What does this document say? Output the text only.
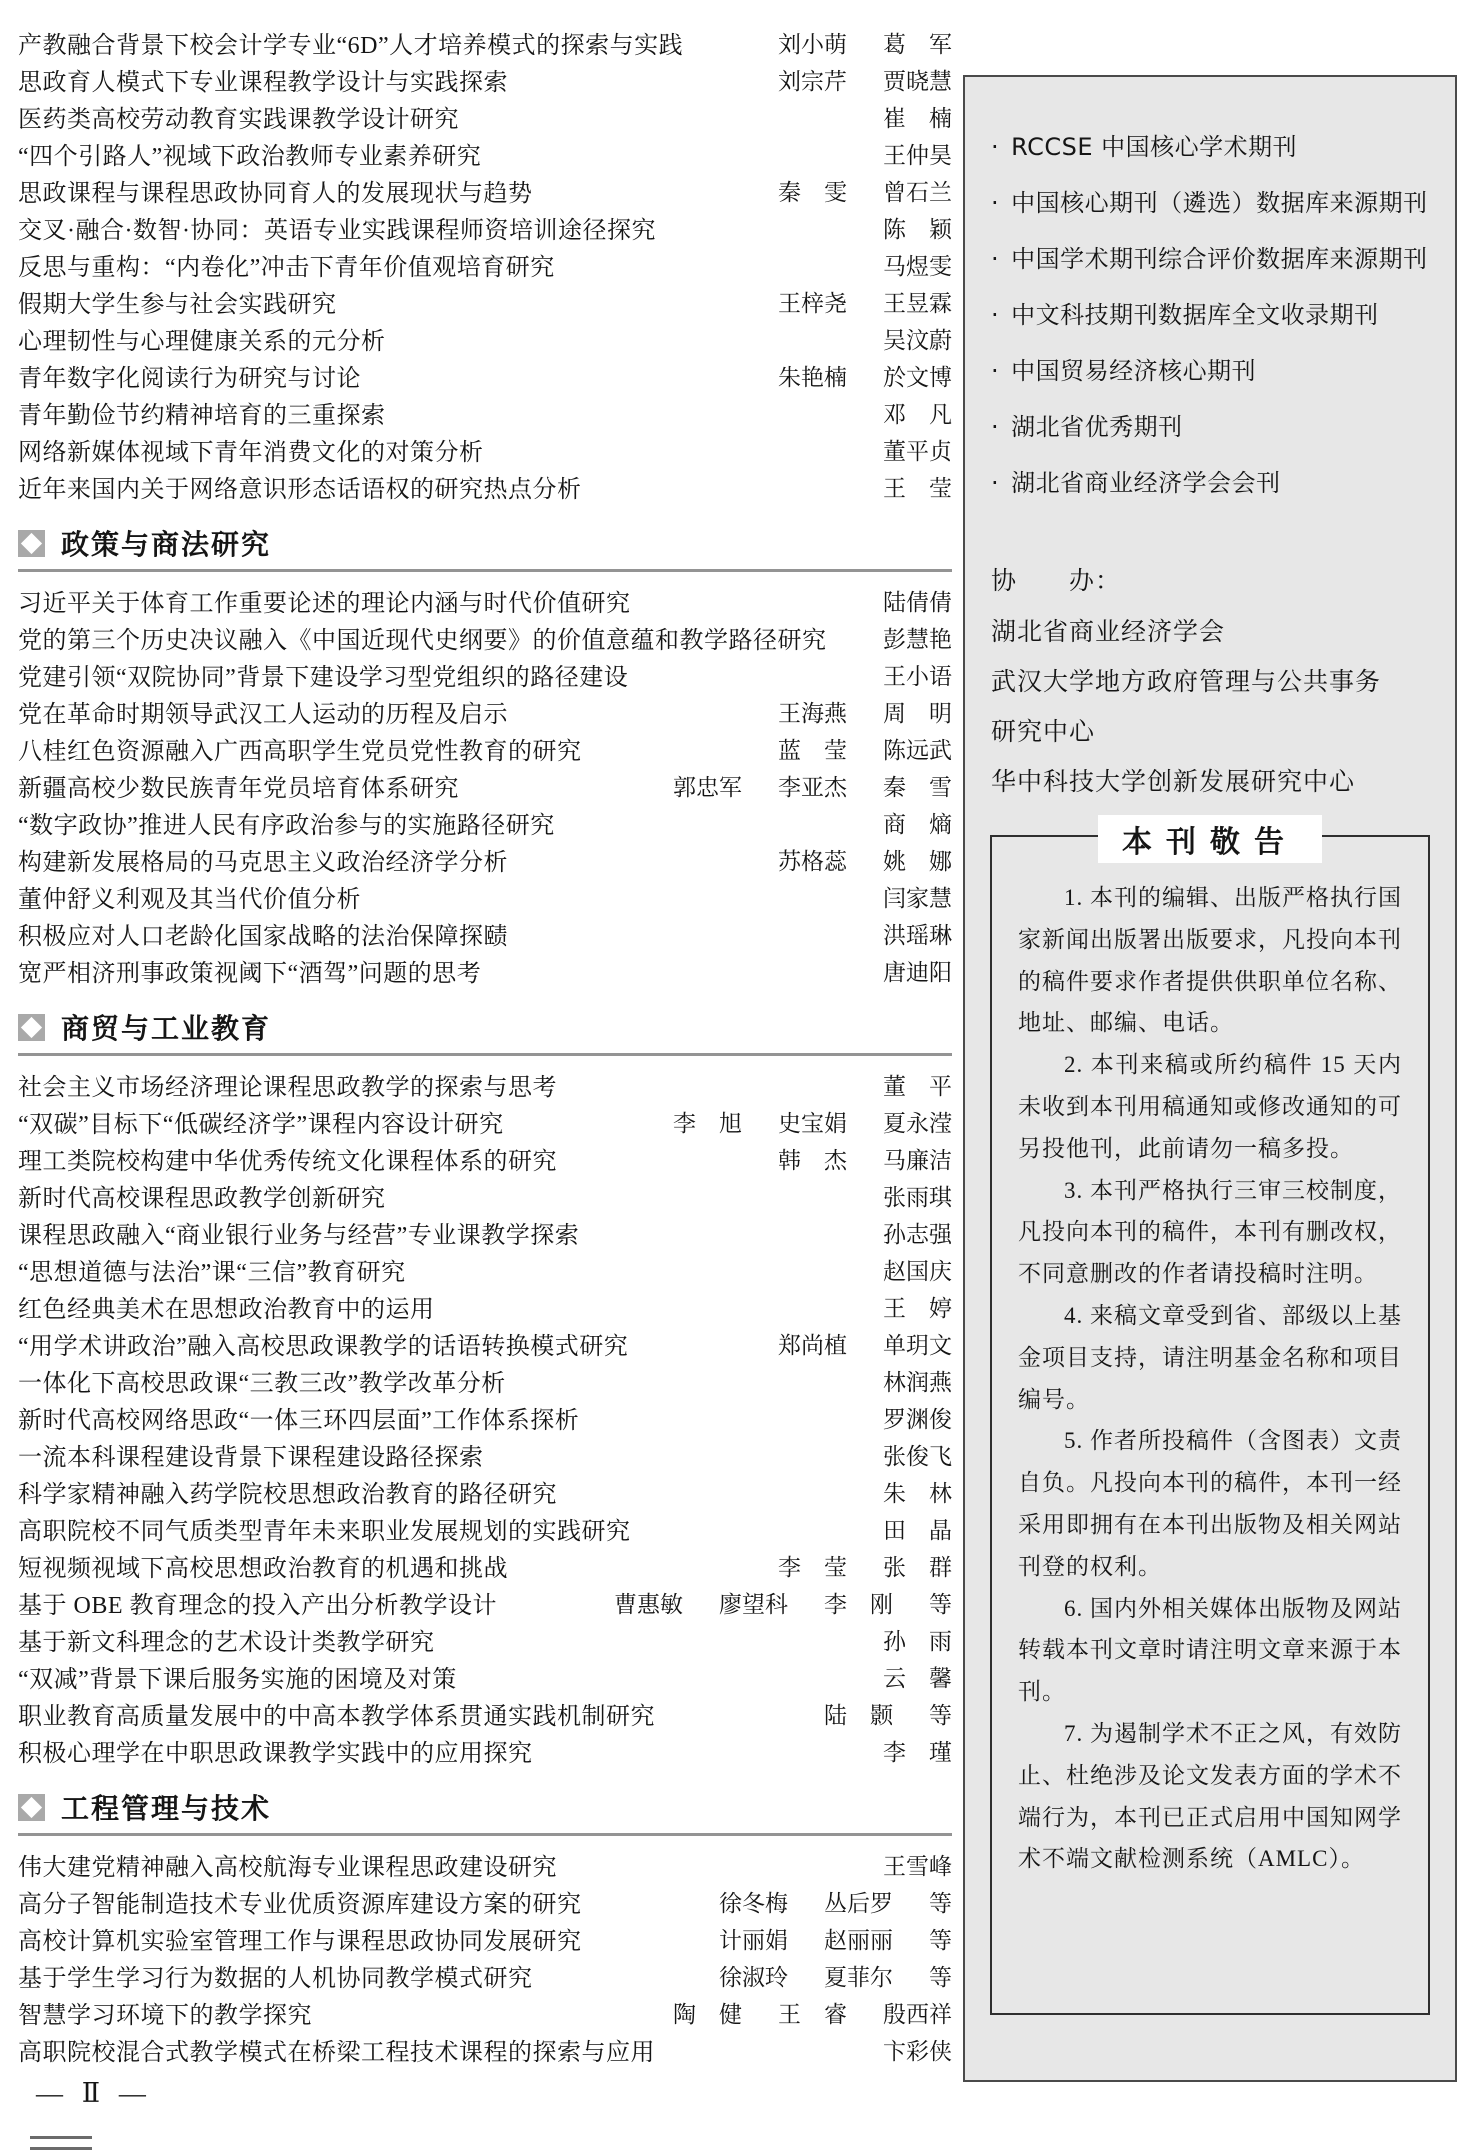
产教融合背景下校会计学专业“6D”人才培养模式的探索与实践	刘小萌 葛　军
思政育人模式下专业课程教学设计与实践探索	刘宗芹 贾晓慧
医药类高校劳动教育实践课教学设计研究	崔　楠
“四个引路人”视域下政治教师专业素养研究	王仲昊
思政课程与课程思政协同育人的发展现状与趋势	秦　雯 曾石兰
交叉·融合·数智·协同：英语专业实践课程师资培训途径探究	陈　颖
反思与重构：“内卷化”冲击下青年价值观培育研究	马煜雯
假期大学生参与社会实践研究	王梓尧 王昱霖
心理韧性与心理健康关系的元分析	吴汶蔚
青年数字化阅读行为研究与讨论	朱艳楠 於文博
青年勤俭节约精神培育的三重探索	邓　凡
网络新媒体视域下青年消费文化的对策分析	董平贞
近年来国内关于网络意识形态话语权的研究热点分析	王　莹
政策与商法研究
习近平关于体育工作重要论述的理论内涵与时代价值研究	陆倩倩
党的第三个历史决议融入《中国近现代史纲要》的价值意蕴和教学路径研究 彭慧艳
党建引领“双院协同”背景下建设学习型党组织的路径建设	王小语
党在革命时期领导武汉工人运动的历程及启示	王海燕 周　明
八桂红色资源融入广西高职学生党员党性教育的研究	蓝　莹 陈远武
新疆高校少数民族青年党员培育体系研究	郭忠军 李亚杰 秦　雪
“数字政协”推进人民有序政治参与的实施路径研究	商　熵
构建新发展格局的马克思主义政治经济学分析	苏格蕊 姚　娜
董仲舒义利观及其当代价值分析	闫家慧
积极应对人口老龄化国家战略的法治保障探赜	洪瑶琳
宽严相济刑事政策视阈下“酒驾”问题的思考	唐迪阳
商贸与工业教育
社会主义市场经济理论课程思政教学的探索与思考	董　平
“双碳”目标下“低碳经济学”课程内容设计研究	李　旭 史宝娟 夏永滢
理工类院校构建中华优秀传统文化课程体系的研究	韩　杰 马廉洁
新时代高校课程思政教学创新研究	张雨琪
课程思政融入“商业银行业务与经营”专业课教学探索	孙志强
“思想道德与法治”课“三信”教育研究	赵国庆
红色经典美术在思想政治教育中的运用	王　婷
“用学术讲政治”融入高校思政课教学的话语转换模式研究	郑尚植 单玥文
一体化下高校思政课“三教三改”教学改革分析	林润燕
新时代高校网络思政“一体三环四层面”工作体系探析	罗渊俊
一流本科课程建设背景下课程建设路径探索	张俊飞
科学家精神融入药学院校思想政治教育的路径研究	朱　林
高职院校不同气质类型青年未来职业发展规划的实践研究	田　晶
短视频视域下高校思想政治教育的机遇和挑战	李　莹 张　群
基于 OBE 教育理念的投入产出分析教学设计	曹惠敏 廖望科 李　刚 等
基于新文科理念的艺术设计类教学研究	孙　雨
“双减”背景下课后服务实施的困境及对策	云　馨
职业教育高质量发展中的中高本教学体系贯通实践机制研究	陆　颢 等
积极心理学在中职思政课教学实践中的应用探究	李　瑾
工程管理与技术
伟大建党精神融入高校航海专业课程思政建设研究	王雪峰
高分子智能制造技术专业优质资源库建设方案的研究	徐冬梅 丛后罗 等
高校计算机实验室管理工作与课程思政协同发展研究	计丽娟 赵丽丽 等
基于学生学习行为数据的人机协同教学模式研究	徐淑玲 夏菲尔 等
智慧学习环境下的教学探究	陶　健 王　睿 殷西祥
高职院校混合式教学模式在桥梁工程技术课程的探索与应用	卞彩侠
— Ⅱ —
· RCCSE 中国核心学术期刊
· 中国核心期刊（遴选）数据库来源期刊
· 中国学术期刊综合评价数据库来源期刊
· 中文科技期刊数据库全文收录期刊
· 中国贸易经济核心期刊
· 湖北省优秀期刊
· 湖北省商业经济学会会刊
协　　办：
湖北省商业经济学会
武汉大学地方政府管理与公共事务
研究中心
华中科技大学创新发展研究中心
本刊敬告

1. 本刊的编辑、出版严格执行国家新闻出版署出版要求，凡投向本刊的稿件要求作者提供供职单位名称、地址、邮编、电话。

2. 本刊来稿或所约稿件 15 天内未收到本刊用稿通知或修改通知的可另投他刊，此前请勿一稿多投。

3. 本刊严格执行三审三校制度，凡投向本刊的稿件，本刊有删改权，不同意删改的作者请投稿时注明。

4. 来稿文章受到省、部级以上基金项目支持，请注明基金名称和项目编号。

5. 作者所投稿件（含图表）文责自负。凡投向本刊的稿件，本刊一经采用即拥有在本刊出版物及相关网站刊登的权利。

6. 国内外相关媒体出版物及网站转载本刊文章时请注明文章来源于本刊。

7. 为遏制学术不正之风，有效防止、杜绝涉及论文发表方面的学术不端行为，本刊已正式启用中国知网学术不端文献检测系统（AMLC）。
